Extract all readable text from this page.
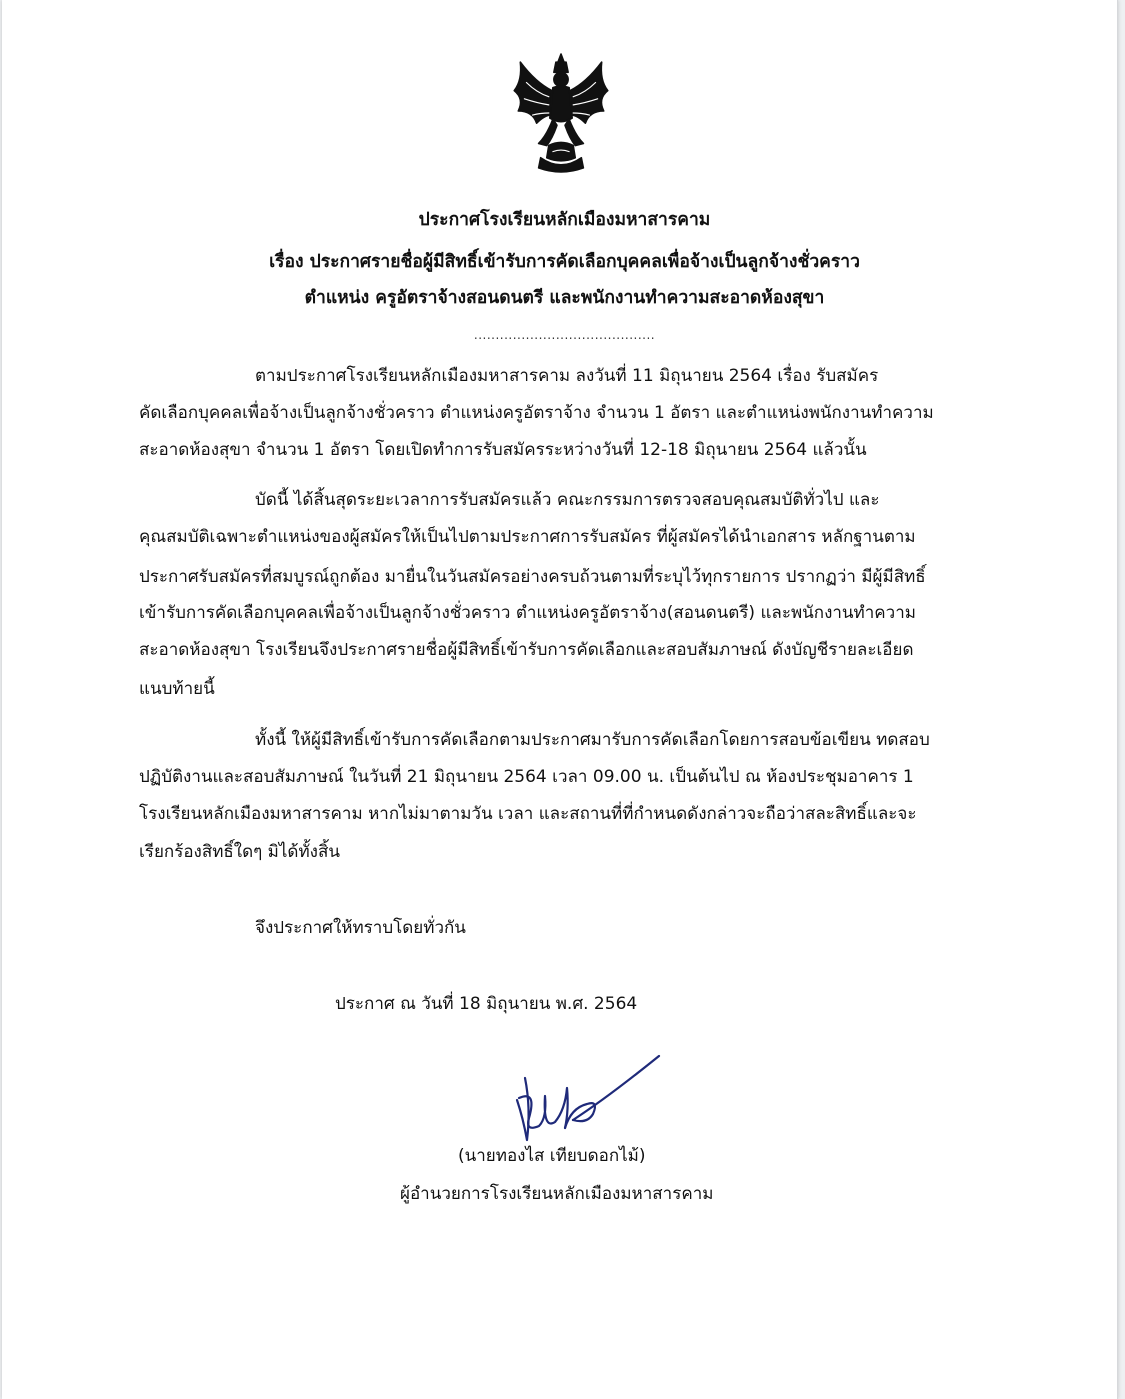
ประกาศโรงเรียนหลักเมืองมหาสารคาม
เรื่อง ประกาศรายชื่อผู้มีสิทธิ์เข้ารับการคัดเลือกบุคคลเพื่อจ้างเป็นลูกจ้างชั่วคราว
ตำแหน่ง ครูอัตราจ้างสอนดนตรี และพนักงานทำความสะอาดห้องสุขา
..........................................
ตามประกาศโรงเรียนหลักเมืองมหาสารคาม ลงวันที่ 11 มิถุนายน 2564 เรื่อง รับสมัคร
คัดเลือกบุคคลเพื่อจ้างเป็นลูกจ้างชั่วคราว ตำแหน่งครูอัตราจ้าง จำนวน 1 อัตรา และตำแหน่งพนักงานทำความ
สะอาดห้องสุขา จำนวน 1 อัตรา โดยเปิดทำการรับสมัครระหว่างวันที่ 12-18 มิถุนายน 2564 แล้วนั้น
บัดนี้ ได้สิ้นสุดระยะเวลาการรับสมัครแล้ว คณะกรรมการตรวจสอบคุณสมบัติทั่วไป และ
คุณสมบัติเฉพาะตำแหน่งของผู้สมัครให้เป็นไปตามประกาศการรับสมัคร ที่ผู้สมัครได้นำเอกสาร หลักฐานตาม
ประกาศรับสมัครที่สมบูรณ์ถูกต้อง มายื่นในวันสมัครอย่างครบถ้วนตามที่ระบุไว้ทุกรายการ ปรากฏว่า มีผู้มีสิทธิ์
เข้ารับการคัดเลือกบุคคลเพื่อจ้างเป็นลูกจ้างชั่วคราว ตำแหน่งครูอัตราจ้าง(สอนดนตรี) และพนักงานทำความ
สะอาดห้องสุขา โรงเรียนจึงประกาศรายชื่อผู้มีสิทธิ์เข้ารับการคัดเลือกและสอบสัมภาษณ์ ดังบัญชีรายละเอียด
แนบท้ายนี้
ทั้งนี้ ให้ผู้มีสิทธิ์เข้ารับการคัดเลือกตามประกาศมารับการคัดเลือกโดยการสอบข้อเขียน ทดสอบ
ปฏิบัติงานและสอบสัมภาษณ์ ในวันที่ 21 มิถุนายน 2564 เวลา 09.00 น. เป็นต้นไป ณ ห้องประชุมอาคาร 1
โรงเรียนหลักเมืองมหาสารคาม หากไม่มาตามวัน เวลา และสถานที่ที่กำหนดดังกล่าวจะถือว่าสละสิทธิ์และจะ
เรียกร้องสิทธิ์ใดๆ มิได้ทั้งสิ้น
จึงประกาศให้ทราบโดยทั่วกัน
ประกาศ ณ วันที่ 18 มิถุนายน พ.ศ. 2564
(นายทองไส เทียบดอกไม้)
ผู้อำนวยการโรงเรียนหลักเมืองมหาสารคาม
